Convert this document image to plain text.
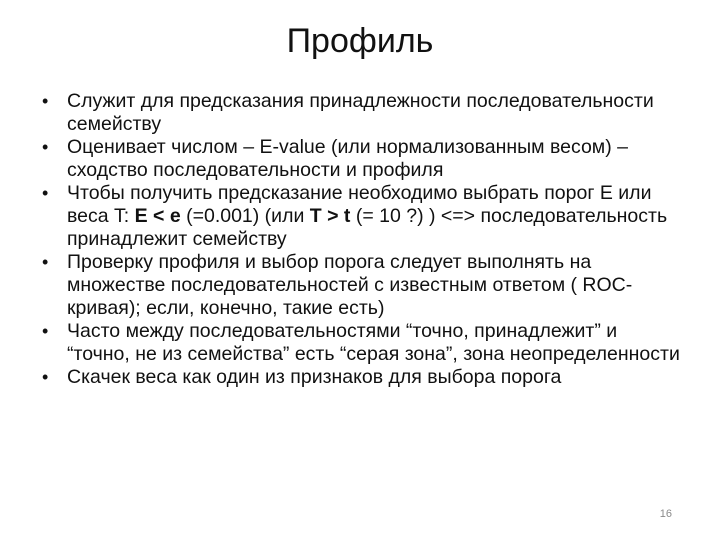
Профиль
• Служит для предсказания принадлежности последовательности семейству
• Оценивает числом – E-value (или нормализованным весом) – сходство последовательности и профиля
• Чтобы получить предсказание необходимо выбрать порог E или веса T: E < e (=0.001) (или T > t (= 10 ?) ) <=> последовательность принадлежит семейству
• Проверку профиля и выбор порога следует выполнять на множестве последовательностей с известным ответом ( ROC-кривая); если, конечно, такие есть)
• Часто между последовательностями “точно, принадлежит” и “точно, не из семейства” есть “серая зона”, зона неопределенности
• Скачек веса как один из признаков для выбора порога
16
